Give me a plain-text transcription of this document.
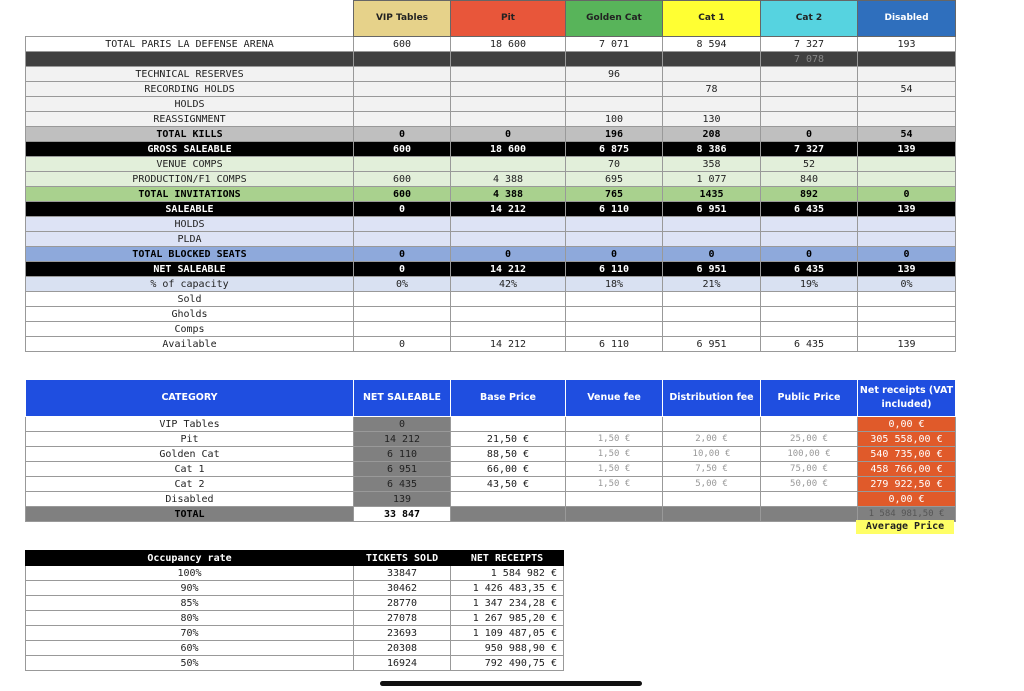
	VIP Tables	Pit	Golden Cat	Cat 1	Cat 2	Disabled
TOTAL PARIS LA DEFENSE ARENA	600	18 600	7 071	8 594	7 327	193
					7 078	
TECHNICAL RESERVES			96			
RECORDING HOLDS				78		54
HOLDS						
REASSIGNMENT			100	130		
TOTAL KILLS	0	0	196	208	0	54
GROSS SALEABLE	600	18 600	6 875	8 386	7 327	139
VENUE COMPS			70	358	52	
PRODUCTION/F1 COMPS	600	4 388	695	1 077	840	
TOTAL INVITATIONS	600	4 388	765	1435	892	0
SALEABLE	0	14 212	6 110	6 951	6 435	139
HOLDS						
PLDA						
TOTAL BLOCKED SEATS	0	0	0	0	0	0
NET SALEABLE	0	14 212	6 110	6 951	6 435	139
% of capacity	0%	42%	18%	21%	19%	0%
Sold						
Gholds						
Comps						
Available	0	14 212	6 110	6 951	6 435	139
CATEGORY	NET SALEABLE	Base Price	Venue fee	Distribution fee	Public Price	Net receipts (VAT included)
VIP Tables	0					0,00 €
Pit	14 212	21,50 €	1,50 €	2,00 €	25,00 €	305 558,00 €
Golden Cat	6 110	88,50 €	1,50 €	10,00 €	100,00 €	540 735,00 €
Cat 1	6 951	66,00 €	1,50 €	7,50 €	75,00 €	458 766,00 €
Cat 2	6 435	43,50 €	1,50 €	5,00 €	50,00 €	279 922,50 €
Disabled	139					0,00 €
TOTAL	33 847					1 584 981,50 €
Average Price
Occupancy rate	TICKETS SOLD	NET RECEIPTS
100%	33847	1 584 982 €
90%	30462	1 426 483,35 €
85%	28770	1 347 234,28 €
80%	27078	1 267 985,20 €
70%	23693	1 109 487,05 €
60%	20308	950 988,90 €
50%	16924	792 490,75 €
